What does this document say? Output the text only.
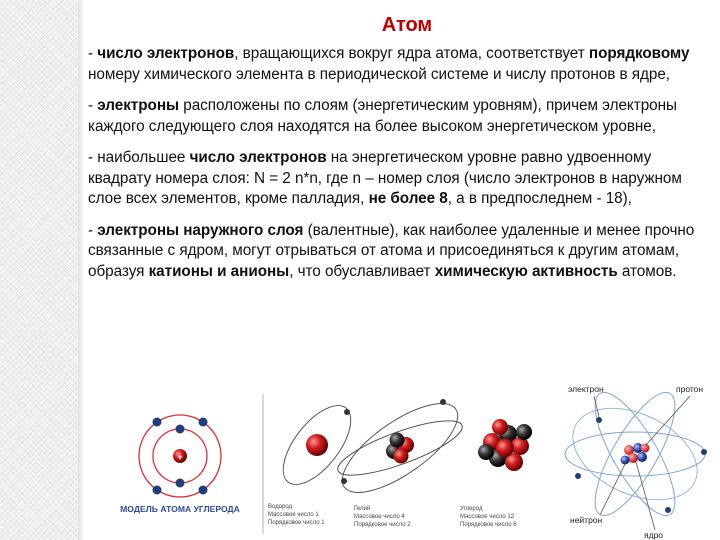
Атом

- число электронов, вращающихся вокруг ядра атома, соответствует порядковому номеру химического элемента в периодической системе и числу протонов в ядре,

- электроны расположены по слоям (энергетическим уровням), причем электроны каждого следующего слоя находятся на более высоком энергетическом уровне,

- наибольшее число электронов на энергетическом уровне равно удвоенному квадрату номера слоя: N = 2 n*n, где n – номер слоя (число электронов в наружном слое всех элементов, кроме палладия, не более 8, а в предпоследнем - 18),

- электроны наружного слоя (валентные), как наиболее удаленные и менее прочно связанные с ядром, могут отрываться от атома и присоединяться к другим атомам, образуя катионы и анионы, что обуславливает химическую активность атомов.

+
МОДЕЛЬ АТОМА УГЛЕРОДА	Водород
Массовое число 1
Порядковое число 1
Гелий
Массовое число 4
Порядковое число 2
Углерод
Массовое число 12
Порядковое число 6
электрон	протон
нейтрон
ядро
